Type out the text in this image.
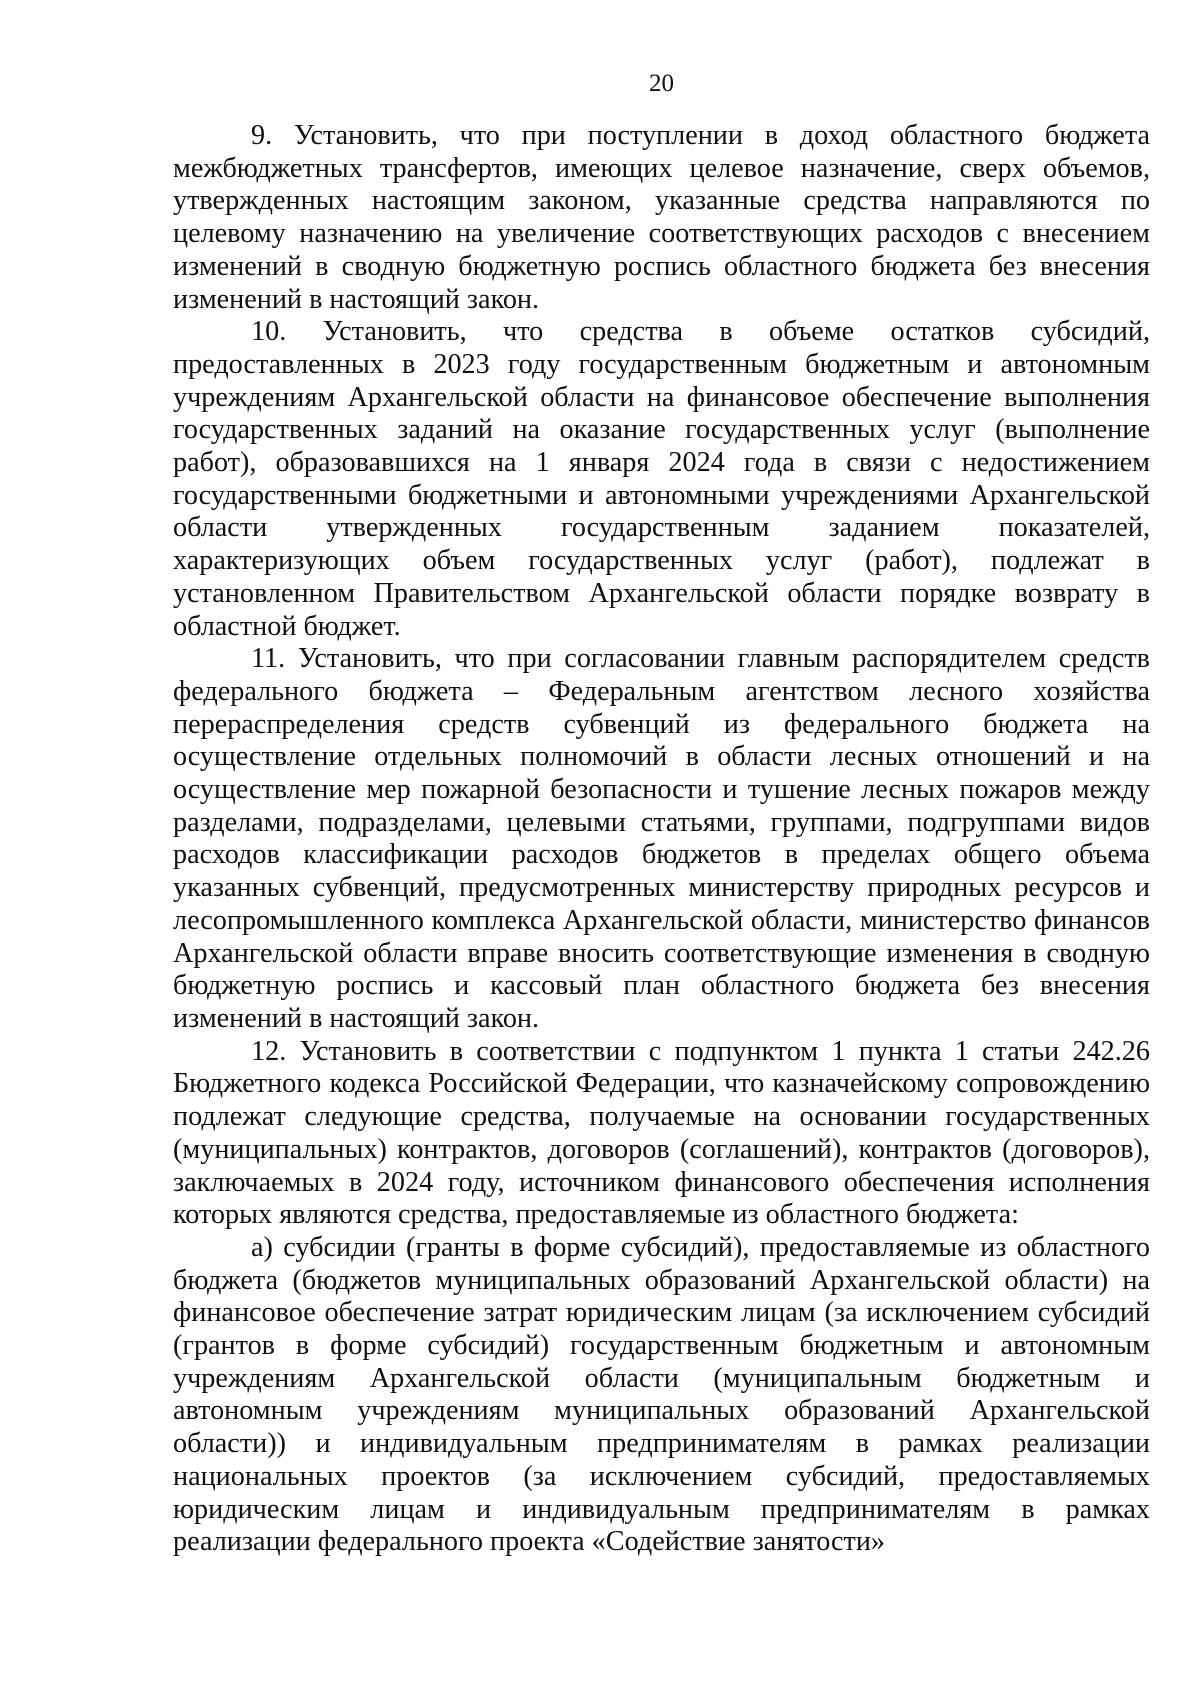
20

9. Установить, что при поступлении в доход областного бюджета межбюджетных трансфертов, имеющих целевое назначение, сверх объемов, утвержденных настоящим законом, указанные средства направляются по целевому назначению на увеличение соответствующих расходов с внесением изменений в сводную бюджетную роспись областного бюджета без внесения изменений в настоящий закон.

10. Установить, что средства в объеме остатков субсидий, предоставленных в 2023 году государственным бюджетным и автономным учреждениям Архангельской области на финансовое обеспечение выполнения государственных заданий на оказание государственных услуг (выполнение работ), образовавшихся на 1 января 2024 года в связи с недостижением государственными бюджетными и автономными учреждениями Архангельской области утвержденных государственным заданием показателей, характеризующих объем государственных услуг (работ), подлежат в установленном Правительством Архангельской области порядке возврату в областной бюджет.

11. Установить, что при согласовании главным распорядителем средств федерального бюджета – Федеральным агентством лесного хозяйства перераспределения средств субвенций из федерального бюджета на осуществление отдельных полномочий в области лесных отношений и на осуществление мер пожарной безопасности и тушение лесных пожаров между разделами, подразделами, целевыми статьями, группами, подгруппами видов расходов классификации расходов бюджетов в пределах общего объема указанных субвенций, предусмотренных министерству природных ресурсов и лесопромышленного комплекса Архангельской области, министерство финансов Архангельской области вправе вносить соответствующие изменения в сводную бюджетную роспись и кассовый план областного бюджета без внесения изменений в настоящий закон.

12. Установить в соответствии с подпунктом 1 пункта 1 статьи 242.26 Бюджетного кодекса Российской Федерации, что казначейскому сопровождению подлежат следующие средства, получаемые на основании государственных (муниципальных) контрактов, договоров (соглашений), контрактов (договоров), заключаемых в 2024 году, источником финансового обеспечения исполнения которых являются средства, предоставляемые из областного бюджета:

а) субсидии (гранты в форме субсидий), предоставляемые из областного бюджета (бюджетов муниципальных образований Архангельской области) на финансовое обеспечение затрат юридическим лицам (за исключением субсидий (грантов в форме субсидий) государственным бюджетным и автономным учреждениям Архангельской области (муниципальным бюджетным и автономным учреждениям муниципальных образований Архангельской области)) и индивидуальным предпринимателям в рамках реализации национальных проектов (за исключением субсидий, предоставляемых юридическим лицам и индивидуальным предпринимателям в рамках реализации федерального проекта «Содействие занятости»
